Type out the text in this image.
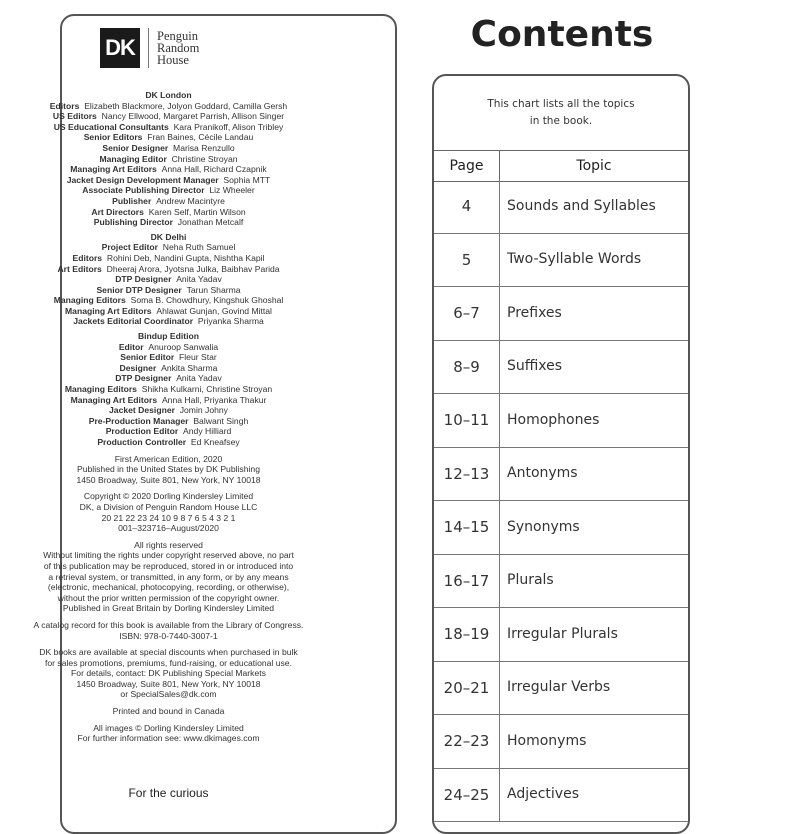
DK	Penguin
Random
House
DK London
Editors Elizabeth Blackmore, Jolyon Goddard, Camilla Gersh
US Editors Nancy Ellwood, Margaret Parrish, Allison Singer
US Educational Consultants Kara Pranikoff, Alison Tribley
Senior Editors Fran Baines, Cécile Landau
Senior Designer Marisa Renzullo
Managing Editor Christine Stroyan
Managing Art Editors Anna Hall, Richard Czapnik
Jacket Design Development Manager Sophia MTT
Associate Publishing Director Liz Wheeler
Publisher Andrew Macintyre
Art Directors Karen Self, Martin Wilson
Publishing Director Jonathan Metcalf
DK Delhi
Project Editor Neha Ruth Samuel
Editors Rohini Deb, Nandini Gupta, Nishtha Kapil
Art Editors Dheeraj Arora, Jyotsna Julka, Baibhav Parida
DTP Designer Anita Yadav
Senior DTP Designer Tarun Sharma
Managing Editors Soma B. Chowdhury, Kingshuk Ghoshal
Managing Art Editors Ahlawat Gunjan, Govind Mittal
Jackets Editorial Coordinator Priyanka Sharma
Bindup Edition
Editor Anuroop Sanwalia
Senior Editor Fleur Star
Designer Ankita Sharma
DTP Designer Anita Yadav
Managing Editors Shikha Kulkarni, Christine Stroyan
Managing Art Editors Anna Hall, Priyanka Thakur
Jacket Designer Jomin Johny
Pre-Production Manager Balwant Singh
Production Editor Andy Hilliard
Production Controller Ed Kneafsey

First American Edition, 2020
Published in the United States by DK Publishing
1450 Broadway, Suite 801, New York, NY 10018

Copyright © 2020 Dorling Kindersley Limited
DK, a Division of Penguin Random House LLC
20 21 22 23 24 10 9 8 7 6 5 4 3 2 1
001–323716–August/2020

All rights reserved
Without limiting the rights under copyright reserved above, no part
of this publication may be reproduced, stored in or introduced into
a retrieval system, or transmitted, in any form, or by any means
(electronic, mechanical, photocopying, recording, or otherwise),
without the prior written permission of the copyright owner.
Published in Great Britain by Dorling Kindersley Limited

A catalog record for this book is available from the Library of Congress.
ISBN: 978-0-7440-3007-1

DK books are available at special discounts when purchased in bulk
for sales promotions, premiums, fund-raising, or educational use.
For details, contact: DK Publishing Special Markets
1450 Broadway, Suite 801, New York, NY 10018
or SpecialSales@dk.com

Printed and bound in Canada

All images © Dorling Kindersley Limited
For further information see: www.dkimages.com

For the curious
Contents
This chart lists all the topics
in the book.
Page	Topic
4	Sounds and Syllables
5	Two-Syllable Words
6–7	Prefixes
8–9	Suffixes
10–11	Homophones
12–13	Antonyms
14–15	Synonyms
16–17	Plurals
18–19	Irregular Plurals
20–21	Irregular Verbs
22–23	Homonyms
24–25	Adjectives
